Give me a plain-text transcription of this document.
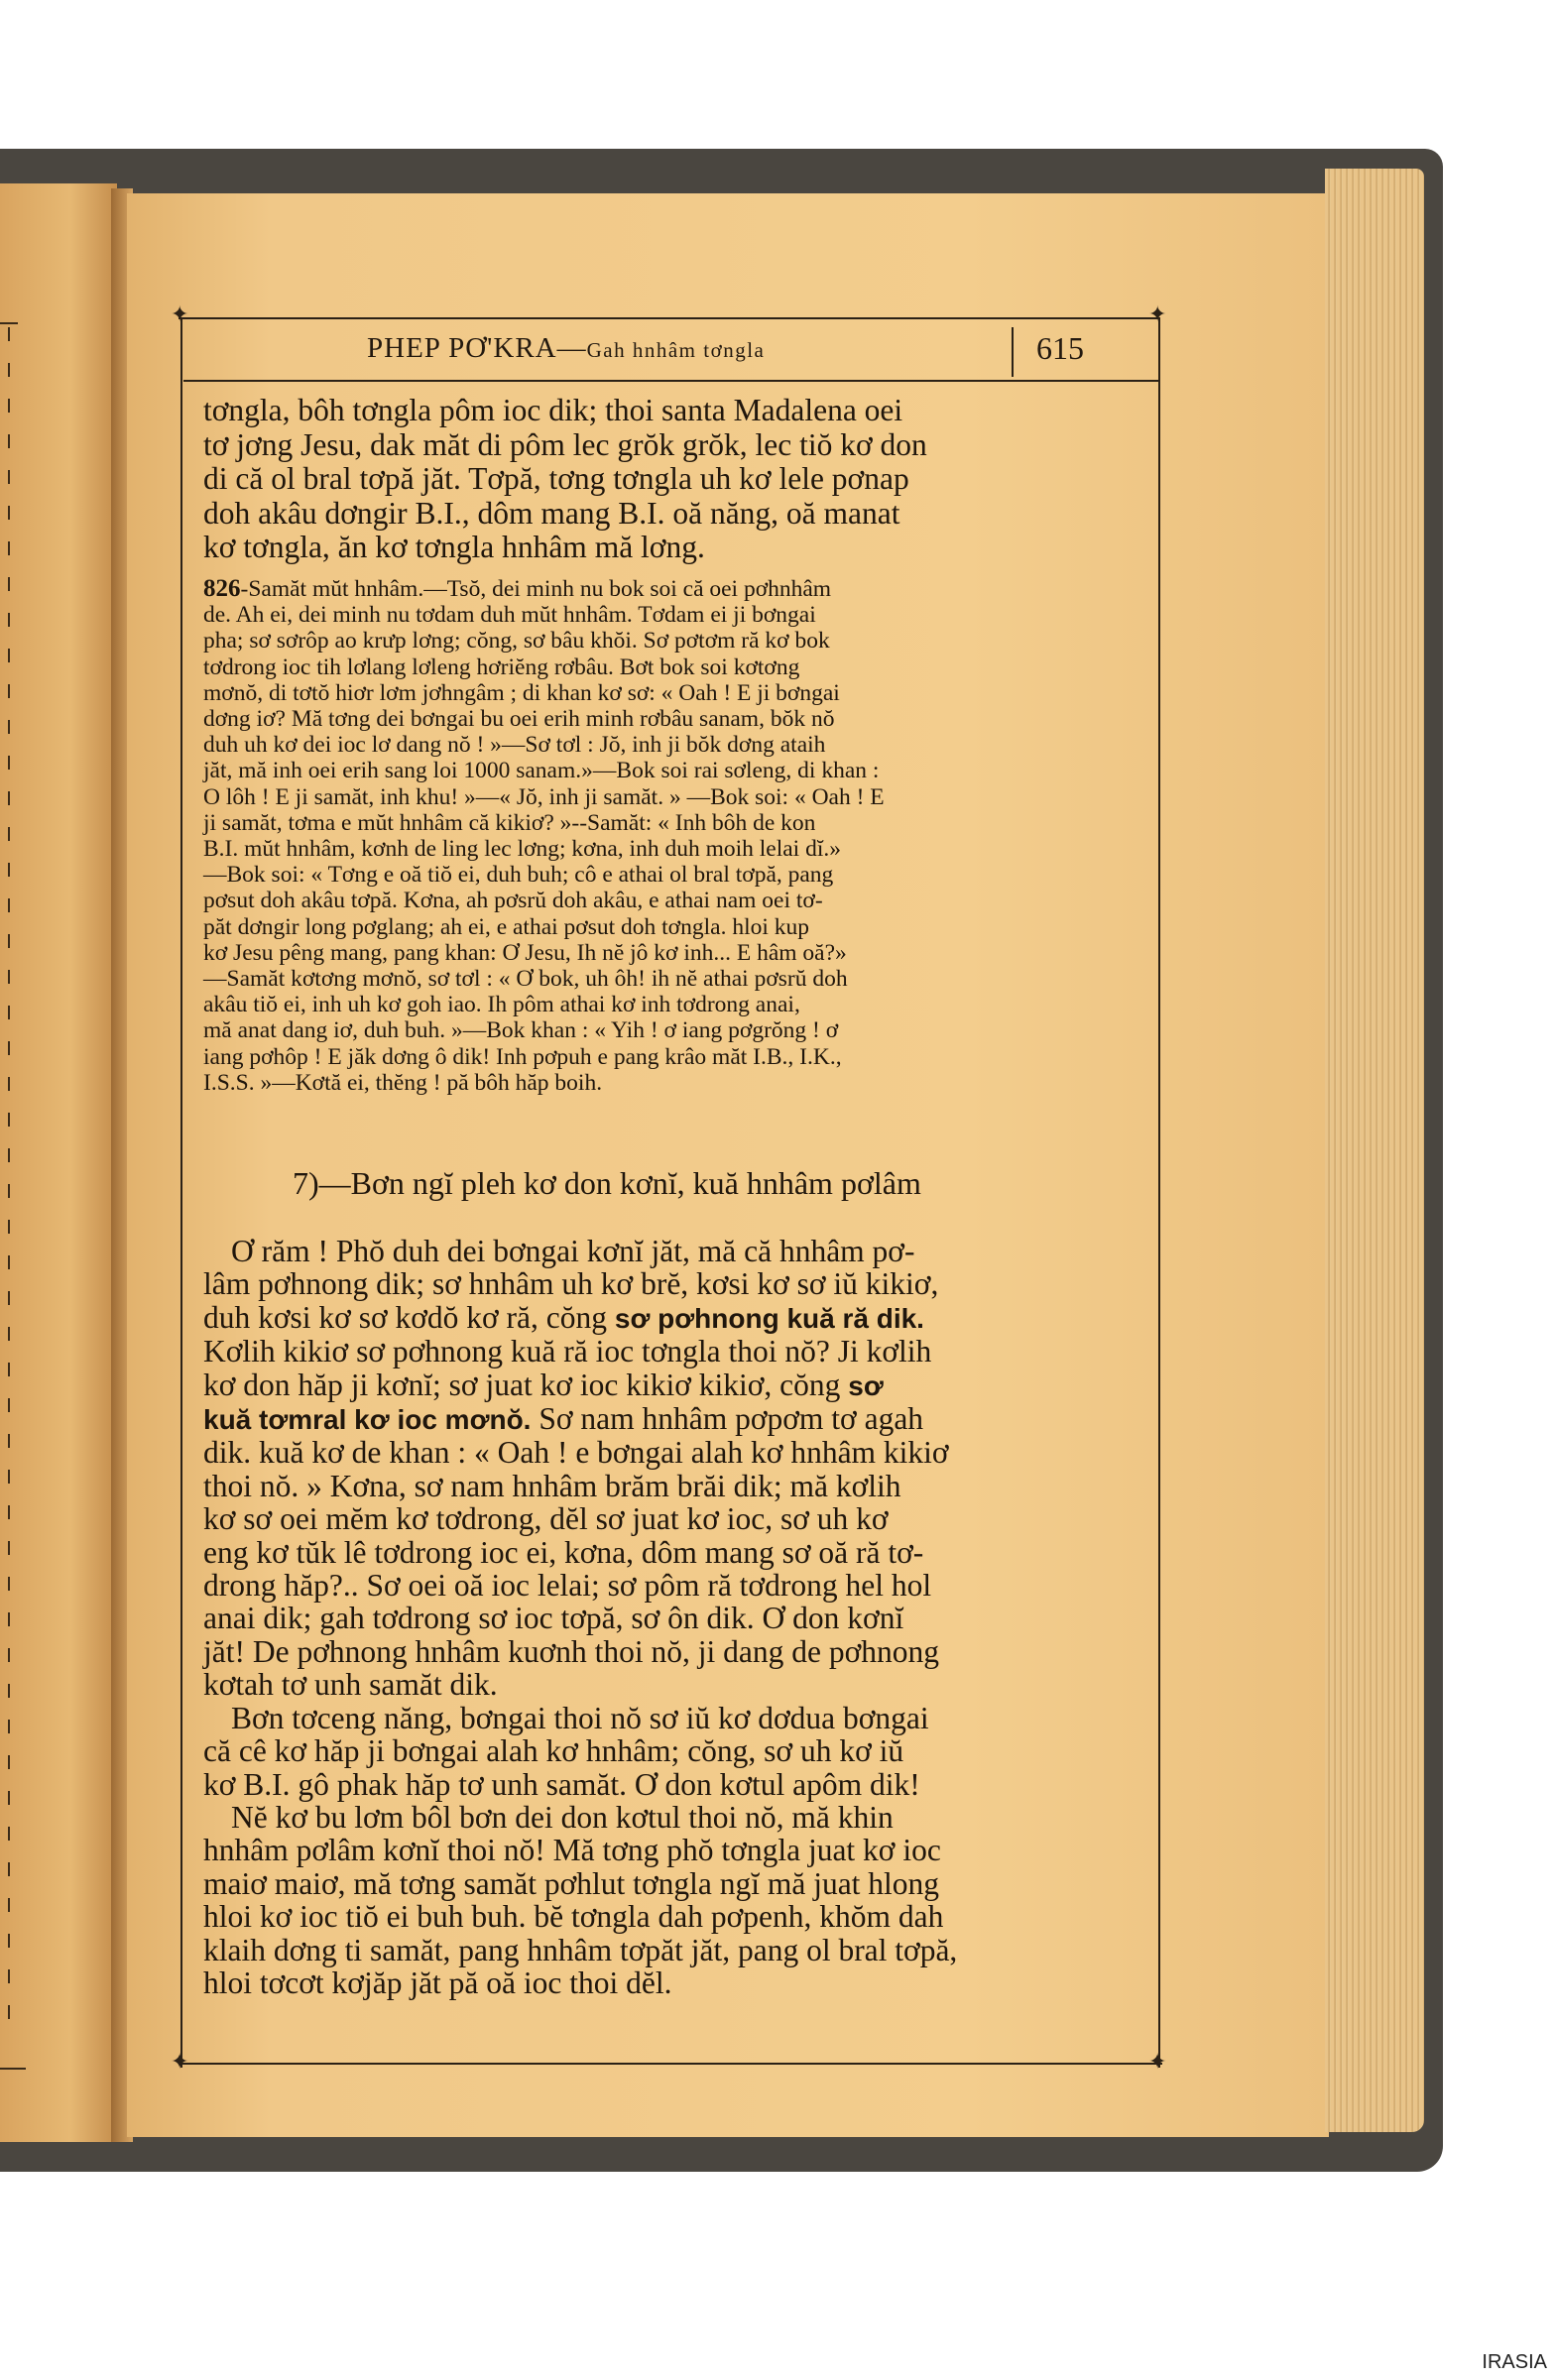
✦	✦
✦	✦
PHEP PƠ'KRA—Gah hnhâm tơngla	615
tơngla, bôh tơngla pôm ioc dik; thoi santa Madalena oei
tơ jơng Jesu, dak măt di pôm lec grŏk grŏk, lec tiŏ kơ don
di că ol bral tơpă jăt. Tơpă, tơng tơngla uh kơ lele pơnap
doh akâu dơngir B.I., dôm mang B.I. oă năng, oă manat
kơ tơngla, ăn kơ tơngla hnhâm mă lơng.
826-Samăt mŭt hnhâm.—Tsŏ, dei minh nu bok soi că oei pơhnhâm
de. Ah ei, dei minh nu tơdam duh mŭt hnhâm. Tơdam ei ji bơngai
pha; sơ sơrôp ao krưp lơng; cŏng, sơ bâu khŏi. Sơ pơtơm ră kơ bok
tơdrong ioc tih lơlang lơleng hơriĕng rơbâu. Bơt bok soi kơtơng
mơnŏ, di tơtŏ hiơr lơm jơhngâm ; di khan kơ sơ: « Oah ! E ji bơngai
dơng iơ? Mă tơng dei bơngai bu oei erih minh rơbâu sanam, bŏk nŏ
duh uh kơ dei ioc lơ dang nŏ ! »—Sơ tơl : Jŏ, inh ji bŏk dơng ataih
jăt, mă inh oei erih sang loi 1000 sanam.»—Bok soi rai sơleng, di khan :
O lôh ! E ji samăt, inh khu! »—« Jŏ, inh ji samăt. » —Bok soi: « Oah ! E
ji samăt, tơma e mŭt hnhâm că kikiơ? »--Samăt: « Inh bôh de kon
B.I. mŭt hnhâm, kơnh de ling lec lơng; kơna, inh duh moih lelai dĭ.»
—Bok soi: « Tơng e oă tiŏ ei, duh buh; cô e athai ol bral tơpă, pang
pơsut doh akâu tơpă. Kơna, ah pơsrŭ doh akâu, e athai nam oei tơ-
păt dơngir long pơglang; ah ei, e athai pơsut doh tơngla. hloi kup
kơ Jesu pêng mang, pang khan: Ơ Jesu, Ih nĕ jô kơ inh... E hâm oă?»
—Samăt kơtơng mơnŏ, sơ tơl : « Ơ bok, uh ôh! ih nĕ athai pơsrŭ doh
akâu tiŏ ei, inh uh kơ goh iao. Ih pôm athai kơ inh tơdrong anai,
mă anat dang iơ, duh buh. »—Bok khan : « Yih ! ơ iang pơgrŏng ! ơ
iang pơhôp ! E jăk dơng ô dik! Inh pơpuh e pang krâo măt I.B., I.K.,
I.S.S. »—Kơtă ei, thĕng ! pă bôh hăp boih.
7)—Bơn ngĭ pleh kơ don kơnĭ, kuă hnhâm pơlâm
Ơ răm ! Phŏ duh dei bơngai kơnĭ jăt, mă că hnhâm pơ-
lâm pơhnong dik; sơ hnhâm uh kơ brĕ, kơsi kơ sơ iŭ kikiơ,
duh kơsi kơ sơ kơdŏ kơ ră, cŏng sơ pơhnong kuă ră dik.
Kơlih kikiơ sơ pơhnong kuă ră ioc tơngla thoi nŏ? Ji kơlih
kơ don hăp ji kơnĭ; sơ juat kơ ioc kikiơ kikiơ, cŏng sơ
kuă tơmral kơ ioc mơnŏ. Sơ nam hnhâm pơpơm tơ agah
dik. kuă kơ de khan : « Oah ! e bơngai alah kơ hnhâm kikiơ
thoi nŏ. » Kơna, sơ nam hnhâm brăm brăi dik; mă kơlih
kơ sơ oei mĕm kơ tơdrong, dĕl sơ juat kơ ioc, sơ uh kơ
eng kơ tŭk lê tơdrong ioc ei, kơna, dôm mang sơ oă ră tơ-
drong hăp?.. Sơ oei oă ioc lelai; sơ pôm ră tơdrong hel hol
anai dik; gah tơdrong sơ ioc tơpă, sơ ôn dik. Ơ don kơnĭ
jăt! De pơhnong hnhâm kuơnh thoi nŏ, ji dang de pơhnong
kơtah tơ unh samăt dik.
Bơn tơceng năng, bơngai thoi nŏ sơ iŭ kơ dơdua bơngai
că cê kơ hăp ji bơngai alah kơ hnhâm; cŏng, sơ uh kơ iŭ
kơ B.I. gô phak hăp tơ unh samăt. Ơ don kơtul apôm dik!
Nĕ kơ bu lơm bôl bơn dei don kơtul thoi nŏ, mă khin
hnhâm pơlâm kơnĭ thoi nŏ! Mă tơng phŏ tơngla juat kơ ioc
maiơ maiơ, mă tơng samăt pơhlut tơngla ngĭ mă juat hlong
hloi kơ ioc tiŏ ei buh buh. bĕ tơngla dah pơpenh, khŏm dah
klaih dơng ti samăt, pang hnhâm tơpăt jăt, pang ol bral tơpă,
hloi tơcơt kơjăp jăt pă oă ioc thoi dĕl.
IRASIA
